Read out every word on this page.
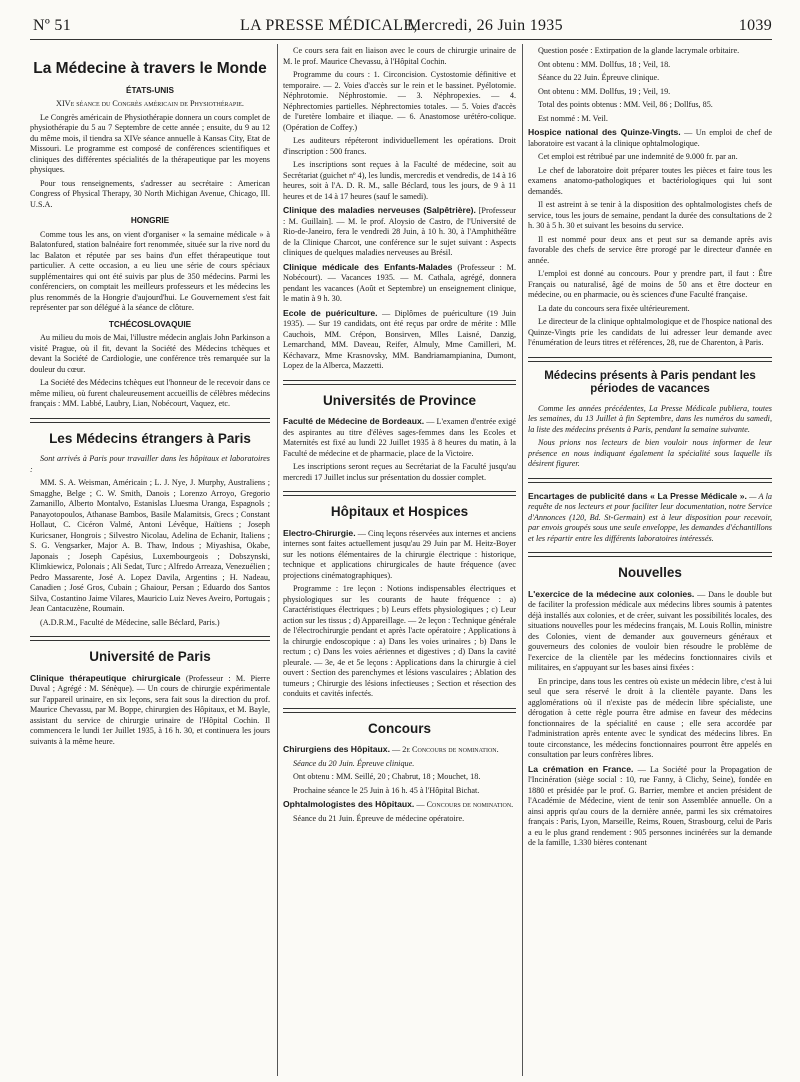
Nº 51	LA PRESSE MÉDICALE,
Mercredi, 26 Juin 1935	1039
La Médecine à travers le Monde
ÉTATS-UNIS

XIVe séance du Congrès américain de Physiothérapie.

Le Congrès américain de Physiothérapie donnera un cours complet de physiothérapie du 5 au 7 Septembre de cette année ; ensuite, du 9 au 12 du même mois, il tiendra sa XIVe séance annuelle à Kansas City, Etat de Missouri. Le programme est composé de conférences scientifiques et cliniques des différentes spécialités de la thérapeutique par les moyens physiques.

Pour tous renseignements, s'adresser au secrétaire : American Congress of Physical Therapy, 30 North Michigan Avenue, Chicago, Ill. U.S.A.

HONGRIE

Comme tous les ans, on vient d'organiser « la semaine médicale » à Balatonfured, station balnéaire fort renommée, située sur la rive nord du lac Balaton et réputée par ses bains d'un effet thérapeutique tout particulier. A cette occasion, a eu lieu une série de cours spéciaux supplémentaires qui ont été suivis par plus de 350 médecins. Parmi les conférenciers, on comptait les meilleurs professeurs et les médecins les plus renommés de la Hongrie d'aujourd'hui. Le Gouvernement s'est fait représenter par son délégué à la séance de clôture.

TCHÉCOSLOVAQUIE

Au milieu du mois de Mai, l'illustre médecin anglais John Parkinson a visité Prague, où il fit, devant la Société des Médecins tchèques et devant la Société de Cardiologie, une conférence très remarquée sur la douleur du cœur.

La Société des Médecins tchèques eut l'honneur de le recevoir dans ce même milieu, où furent chaleureusement accueillis de célèbres médecins français : MM. Labbé, Laubry, Lian, Nobécourt, Vaquez, etc.

Les Médecins étrangers à Paris

Sont arrivés à Paris pour travailler dans les hôpitaux et laboratoires :

MM. S. A. Weisman, Américain ; L. J. Nye, J. Murphy, Australiens ; Smagghe, Belge ; C. W. Smith, Danois ; Lorenzo Arroyo, Gregorio Zamanillo, Alberto Montalvo, Estanislas Lluesma Uranga, Espagnols ; Panayotopoulos, Athanase Bambos, Basile Malamitsis, Grecs ; Constant Hollaut, C. Cicéron Valmé, Antoni Lévêque, Haïtiens ; Joseph Kuricsaner, Hongrois ; Silvestro Nicolau, Adelina de Echanir, Italiens ; S. G. Vengsarker, Major A. B. Thaw, Indous ; Miyashisa, Okabe, Japonais ; Joseph Capésius, Luxembourgeois ; Dobszynski, Klimkiewicz, Polonais ; Ali Sedat, Turc ; Alfredo Arreaza, Venezuélien ; Pedro Massarente, José A. Lopez Davila, Argentins ; H. Nadeau, Canadien ; José Gros, Cubain ; Ghaiour, Persan ; Eduardo dos Santos Silva, Costantino Jaime Vilares, Mauricio Luiz Neves Aveiro, Portugais ; Jean Cantacuzène, Roumain.

(A.D.R.M., Faculté de Médecine, salle Béclard, Paris.)

Université de Paris

Clinique thérapeutique chirurgicale (Professeur : M. Pierre Duval ; Agrégé : M. Sénèque). — Un cours de chirurgie expérimentale sur l'appareil urinaire, en six leçons, sera fait sous la direction du prof. Maurice Chevassu, par M. Boppe, chirurgien des Hôpitaux, et M. Bayle, assistant du service de chirurgie urinaire de l'Hôpital Cochin. Il commencera le lundi 1er Juillet 1935, à 16 h. 30, et continuera les jours suivants à la même heure.

Ce cours sera fait en liaison avec le cours de chirurgie urinaire de M. le prof. Maurice Chevassu, à l'Hôpital Cochin.

Programme du cours : 1. Circoncision. Cystostomie définitive et temporaire. — 2. Voies d'accès sur le rein et le bassinet. Pyélotomie. Néphrotomie. Néphrostomie. — 3. Néphropexies. — 4. Néphrectomies partielles. Néphrectomies totales. — 5. Voies d'accès de l'uretère lombaire et iliaque. — 6. Anastomose urétéro-colique. (Opération de Coffey.)

Les auditeurs répéteront individuellement les opérations. Droit d'inscription : 500 francs.

Les inscriptions sont reçues à la Faculté de médecine, soit au Secrétariat (guichet nº 4), les lundis, mercredis et vendredis, de 14 à 16 heures, soit à l'A. D. R. M., salle Béclard, tous les jours, de 9 à 11 heures et de 14 à 17 heures (sauf le samedi).

Clinique des maladies nerveuses (Salpêtrière). [Professeur : M. Guillain]. — M. le prof. Aloysio de Castro, de l'Université de Rio-de-Janeiro, fera le vendredi 28 Juin, à 10 h. 30, à l'Amphithéâtre de la Clinique Charcot, une conférence sur le sujet suivant : Aspects cliniques de quelques maladies nerveuses au Brésil.

Clinique médicale des Enfants-Malades (Professeur : M. Nobécourt). — Vacances 1935. — M. Cathala, agrégé, donnera pendant les vacances (Août et Septembre) un enseignement clinique, le matin à 9 h. 30.

Ecole de puériculture. — Diplômes de puériculture (19 Juin 1935). — Sur 19 candidats, ont été reçus par ordre de mérite : Mlle Cauchois, MM. Crépon, Bonsirven, Mlles Laisné, Danzig, Lemarchand, MM. Daveau, Reifer, Almuly, Mme Camilleri, M. Kéchavarz, Mme Krasnovsky, MM. Bandriamampianina, Dumont, Lopez de la Alberca, Mazzetti.

Universités de Province

Faculté de Médecine de Bordeaux. — L'examen d'entrée exigé des aspirantes au titre d'élèves sages-femmes dans les Ecoles et Maternités est fixé au lundi 22 Juillet 1935 à 8 heures du matin, à la Faculté de médecine et de pharmacie, place de la Victoire.

Les inscriptions seront reçues au Secrétariat de la Faculté jusqu'au mercredi 17 Juillet inclus sur présentation du dossier complet.

Hôpitaux et Hospices

Electro-Chirurgie. — Cinq leçons réservées aux internes et anciens internes sont faites actuellement jusqu'au 29 Juin par M. Heitz-Boyer sur les notions élémentaires de la chirurgie électrique : historique, technique et applications chirurgicales de haute fréquence (avec projections cinématographiques).

Programme : 1re leçon : Notions indispensables électriques et physiologiques sur les courants de haute fréquence : a) Caractéristiques électriques ; b) Leurs effets physiologiques ; c) Leur action sur les tissus ; d) Appareillage. — 2e leçon : Technique générale de l'électrochirurgie pendant et après l'acte opératoire ; Applications à la chirurgie endoscopique : a) Dans les voies urinaires ; b) Dans le rectum ; c) Dans les voies aériennes et digestives ; d) Dans la cavité pleurale. — 3e, 4e et 5e leçons : Applications dans la chirurgie à ciel ouvert : Section des parenchymes et lésions vasculaires ; Ablation des tumeurs ; Chirurgie des lésions infectieuses ; Section et résection des conduits et cavités infectés.

Concours

Chirurgiens des Hôpitaux. — 2e Concours de nomination.

Séance du 20 Juin. Épreuve clinique.

Ont obtenu : MM. Seillé, 20 ; Chabrut, 18 ; Mouchet, 18.

Prochaine séance le 25 Juin à 16 h. 45 à l'Hôpital Bichat.

Ophtalmologistes des Hôpitaux. — Concours de nomination.

Séance du 21 Juin. Épreuve de médecine opératoire.

Question posée : Extirpation de la glande lacrymale orbitaire.

Ont obtenu : MM. Dollfus, 18 ; Veil, 18.

Séance du 22 Juin. Épreuve clinique.

Ont obtenu : MM. Dollfus, 19 ; Veil, 19.

Total des points obtenus : MM. Veil, 86 ; Dollfus, 85.

Est nommé : M. Veil.

Hospice national des Quinze-Vingts. — Un emploi de chef de laboratoire est vacant à la clinique ophtalmologique.

Cet emploi est rétribué par une indemnité de 9.000 fr. par an.

Le chef de laboratoire doit préparer toutes les pièces et faire tous les examens anatomo-pathologiques et bactériologiques qui lui sont demandés.

Il est astreint à se tenir à la disposition des ophtalmologistes chefs de service, tous les jours de semaine, pendant la durée des consultations de 2 h. 30 à 5 h. 30 et suivant les besoins du service.

Il est nommé pour deux ans et peut sur sa demande après avis favorable des chefs de service être prorogé par le directeur d'année en année.

L'emploi est donné au concours. Pour y prendre part, il faut : Être Français ou naturalisé, âgé de moins de 50 ans et être docteur en médecine, ou en pharmacie, ou ès sciences d'une Faculté française.

La date du concours sera fixée ultérieurement.

Le directeur de la clinique ophtalmologique et de l'hospice national des Quinze-Vingts prie les candidats de lui adresser leur demande avec l'énumération de leurs titres et références, 28, rue de Charenton, à Paris.

Médecins présents à Paris pendant les périodes de vacances

Comme les années précédentes, La Presse Médicale publiera, toutes les semaines, du 13 Juillet à fin Septembre, dans les numéros du samedi, la liste des médecins présents à Paris, pendant la semaine suivante.

Nous prions nos lecteurs de bien vouloir nous informer de leur présence en nous indiquant également la spécialité sous laquelle ils désirent figurer.

Encartages de publicité dans « La Presse Médicale ». — A la requête de nos lecteurs et pour faciliter leur documentation, notre Service d'Annonces (120, Bd. St-Germain) est à leur disposition pour recevoir, par envois groupés sous une seule enveloppe, les demandes d'échantillons et les répartir entre les différents laboratoires intéressés.

Nouvelles

L'exercice de la médecine aux colonies. — Dans le double but de faciliter la profession médicale aux médecins libres soumis à patentes déjà installés aux colonies, et de créer, suivant les possibilités locales, des situations nouvelles pour les médecins français, M. Louis Rollin, ministre des Colonies, vient de demander aux gouverneurs généraux et gouverneurs des colonies de vouloir bien résoudre le problème de l'exercice de la clientèle par les médecins fonctionnaires civils et militaires, en s'appuyant sur les bases ainsi fixées :

En principe, dans tous les centres où existe un médecin libre, c'est à lui seul que sera réservé le droit à la clientèle payante. Dans les agglomérations où il n'existe pas de médecin libre spécialiste, une dérogation à cette règle pourra être admise en faveur des médecins fonctionnaires de la spécialité en cause ; elle sera accordée par l'administration après entente avec le syndicat des médecins libres. En toute circonstance, les médecins fonctionnaires pourront être appelés en consultation par leurs confrères libres.

La crémation en France. — La Société pour la Propagation de l'Incinération (siège social : 10, rue Fanny, à Clichy, Seine), fondée en 1880 et présidée par le prof. G. Barrier, membre et ancien président de l'Académie de Médecine, vient de tenir son Assemblée annuelle. On a ainsi appris qu'au cours de la dernière année, parmi les six crématoires français : Paris, Lyon, Marseille, Reims, Rouen, Strasbourg, celui de Paris a eu le plus grand rendement : 905 personnes incinérées sur la demande de la famille, 1.330 bières contenant
